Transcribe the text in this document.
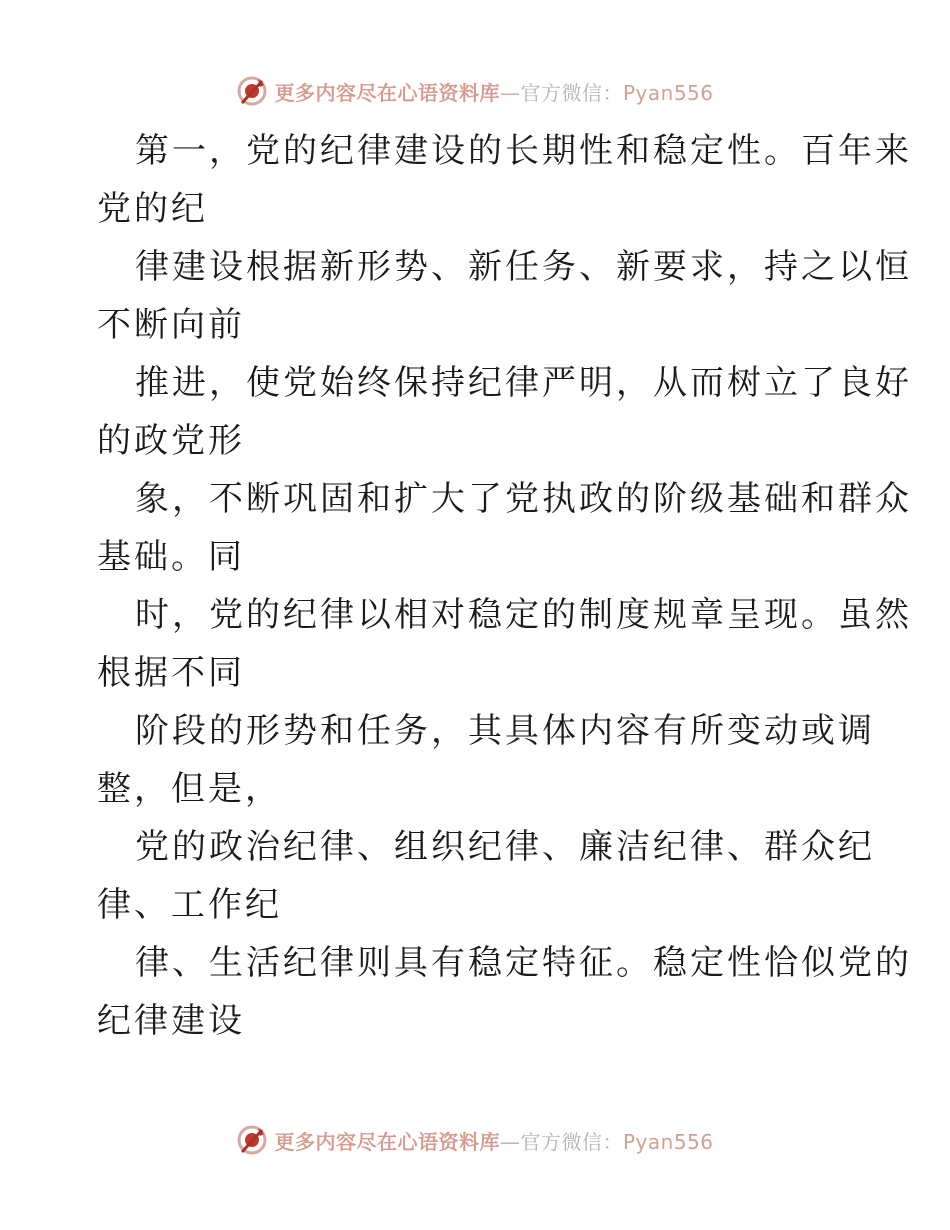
更多内容尽在心语资料库—官方微信：Pyan556

第一，党的纪律建设的长期性和稳定性。百年来

党的纪

律建设根据新形势、新任务、新要求，持之以恒

不断向前

推进，使党始终保持纪律严明，从而树立了良好

的政党形

象，不断巩固和扩大了党执政的阶级基础和群众

基础。同

时，党的纪律以相对稳定的制度规章呈现。虽然

根据不同

阶段的形势和任务，其具体内容有所变动或调

整，但是，

党的政治纪律、组织纪律、廉洁纪律、群众纪

律、工作纪

律、生活纪律则具有稳定特征。稳定性恰似党的

纪律建设

更多内容尽在心语资料库—官方微信：Pyan556
